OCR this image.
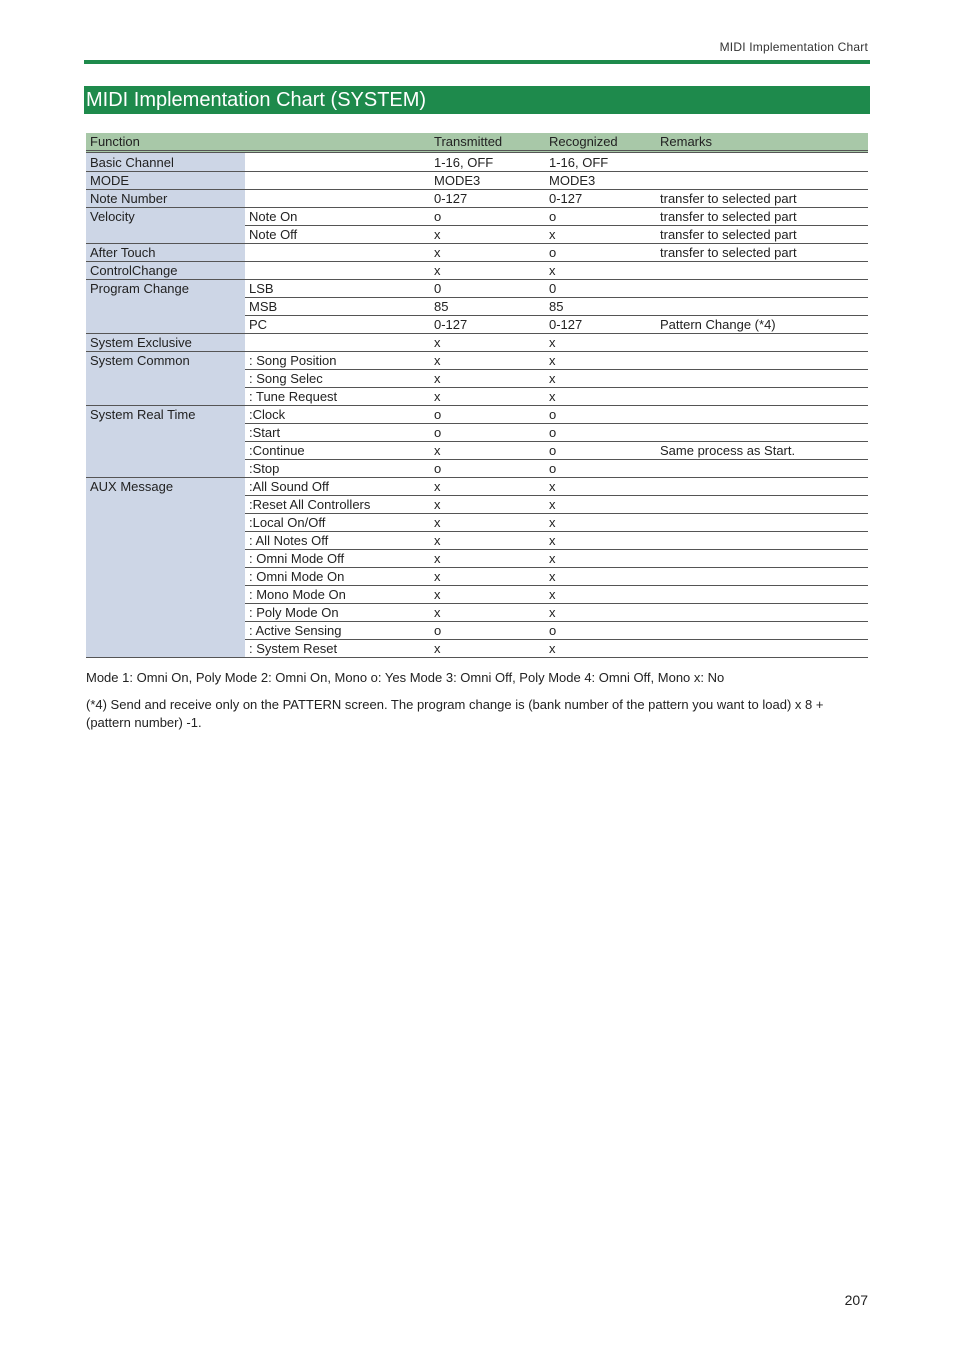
MIDI Implementation Chart
MIDI Implementation Chart (SYSTEM)
Function		Transmitted	Recognized	Remarks
Basic Channel		1-16, OFF	1-16, OFF	
MODE		MODE3	MODE3	
Note Number		0-127	0-127	transfer to selected part
Velocity	Note On	o	o	transfer to selected part
	Note Off	x	x	transfer to selected part
After Touch		x	o	transfer to selected part
ControlChange		x	x	
Program Change	LSB	0	0	
	MSB	85	85	
	PC	0-127	0-127	Pattern Change (*4)
System Exclusive		x	x	
System Common	: Song Position	x	x	
	: Song Selec	x	x	
	: Tune Request	x	x	
System Real Time	:Clock	o	o	
	:Start	o	o	
	:Continue	x	o	Same process as Start.
	:Stop	o	o	
AUX Message	:All Sound Off	x	x	
	:Reset All Controllers	x	x	
	:Local On/Off	x	x	
	: All Notes Off	x	x	
	: Omni Mode Off	x	x	
	: Omni Mode On	x	x	
	: Mono Mode On	x	x	
	: Poly Mode On	x	x	
	: Active Sensing	o	o	
	: System Reset	x	x	
Mode 1: Omni On, Poly Mode 2: Omni On, Mono o: Yes Mode 3: Omni Off, Poly Mode 4: Omni Off, Mono x: No
(*4) Send and receive only on the PATTERN screen. The program change is (bank number of the pattern you want to load) x 8 + (pattern number) -1.
207
